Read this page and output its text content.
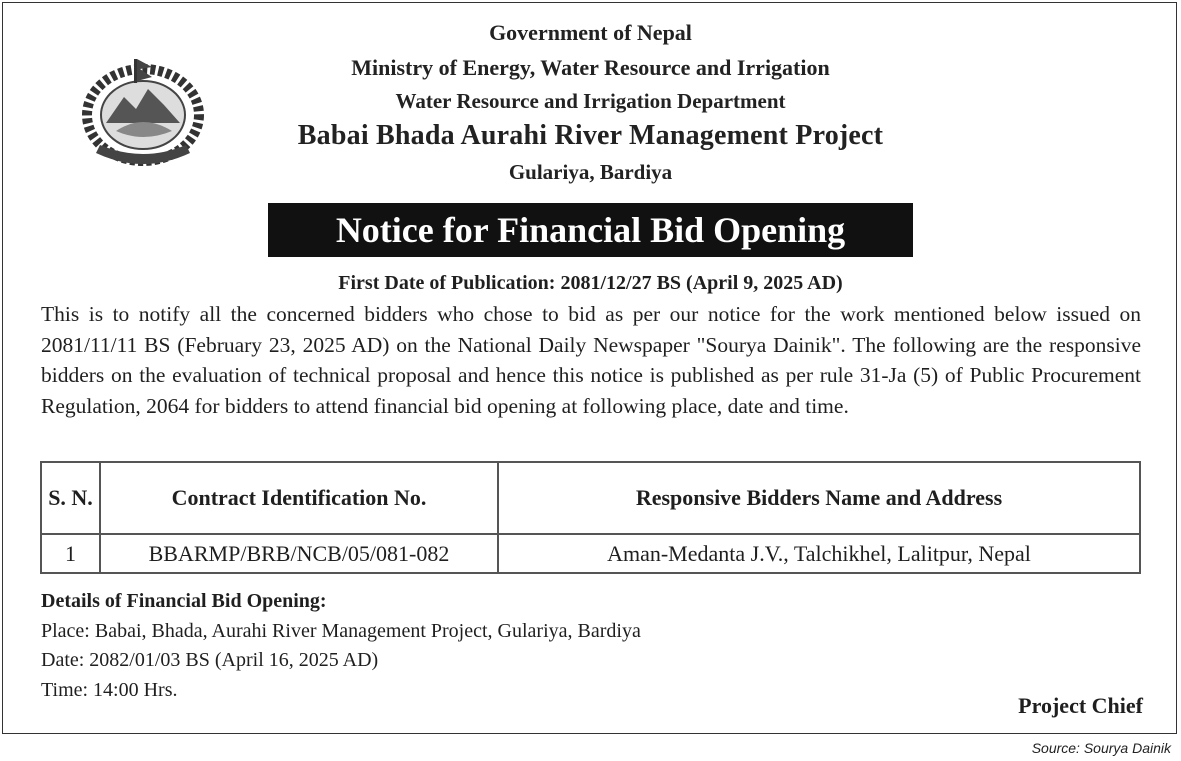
Government of Nepal
Ministry of Energy, Water Resource and Irrigation
Water Resource and Irrigation Department
Babai Bhada Aurahi River Management Project
Gulariya, Bardiya
Notice for Financial Bid Opening
First Date of Publication: 2081/12/27 BS (April 9, 2025 AD)

This is to notify all the concerned bidders who chose to bid as per our notice for the work mentioned below issued on 2081/11/11 BS (February 23, 2025 AD) on the National Daily Newspaper "Sourya Dainik". The following are the responsive bidders on the evaluation of technical proposal and hence this notice is published as per rule 31-Ja (5) of Public Procurement Regulation, 2064 for bidders to attend financial bid opening at following place, date and time.

S. N.	Contract Identification No.	Responsive Bidders Name and Address
1	BBARMP/BRB/NCB/05/081-082	Aman-Medanta J.V., Talchikhel, Lalitpur, Nepal
Details of Financial Bid Opening:
Place: Babai, Bhada, Aurahi River Management Project, Gulariya, Bardiya
Date: 2082/01/03 BS (April 16, 2025 AD)
Time: 14:00 Hrs.
Project Chief
Source: Sourya Dainik
